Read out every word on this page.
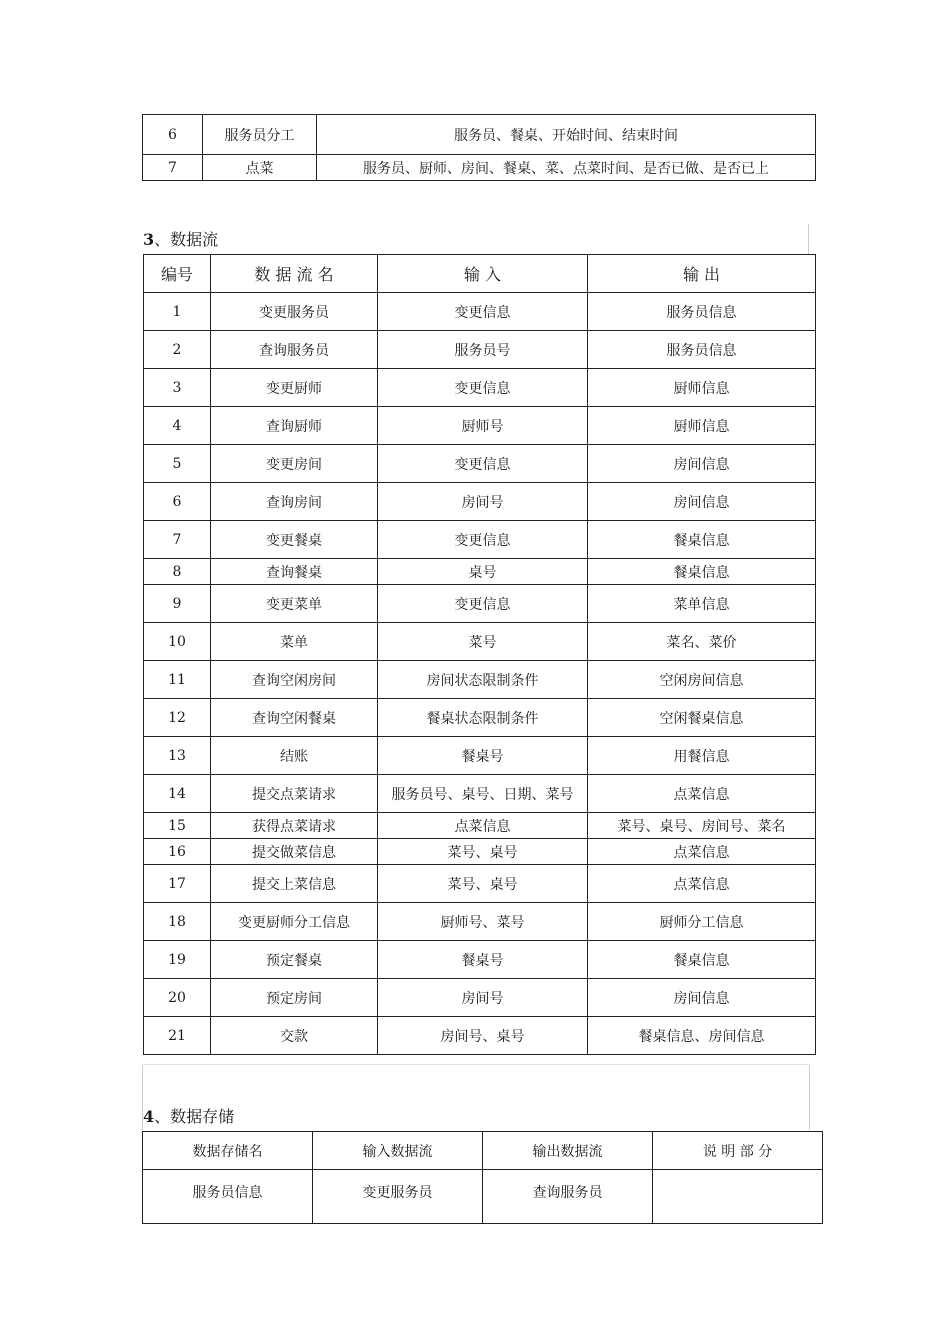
6	服务员分工	服务员、餐桌、开始时间、结束时间
7	点菜	服务员、厨师、房间、餐桌、菜、点菜时间、是否已做、是否已上
3、数据流
编号	数 据 流 名	输 入	输 出
1	变更服务员	变更信息	服务员信息
2	查询服务员	服务员号	服务员信息
3	变更厨师	变更信息	厨师信息
4	查询厨师	厨师号	厨师信息
5	变更房间	变更信息	房间信息
6	查询房间	房间号	房间信息
7	变更餐桌	变更信息	餐桌信息
8	查询餐桌	桌号	餐桌信息
9	变更菜单	变更信息	菜单信息
10	菜单	菜号	菜名、菜价
11	查询空闲房间	房间状态限制条件	空闲房间信息
12	查询空闲餐桌	餐桌状态限制条件	空闲餐桌信息
13	结账	餐桌号	用餐信息
14	提交点菜请求	服务员号、桌号、日期、菜号	点菜信息
15	获得点菜请求	点菜信息	菜号、桌号、房间号、菜名
16	提交做菜信息	菜号、桌号	点菜信息
17	提交上菜信息	菜号、桌号	点菜信息
18	变更厨师分工信息	厨师号、菜号	厨师分工信息
19	预定餐桌	餐桌号	餐桌信息
20	预定房间	房间号	房间信息
21	交款	房间号、桌号	餐桌信息、房间信息
4、数据存储
数据存储名	输入数据流	输出数据流	说 明 部 分
服务员信息	变更服务员	查询服务员	
